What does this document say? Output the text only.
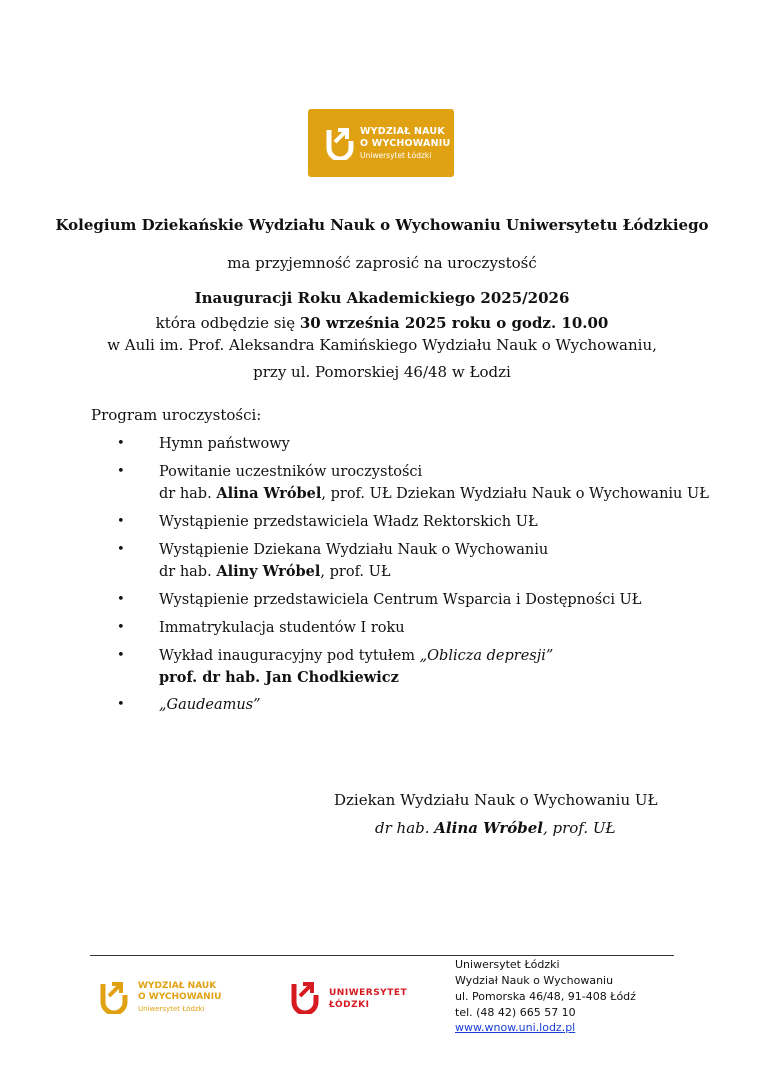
WYDZIAŁ NAUK
O WYCHOWANIU
Uniwersytet Łódzki
Kolegium Dziekańskie Wydziału Nauk o Wychowaniu Uniwersytetu Łódzkiego
ma przyjemność zaprosić na uroczystość
Inauguracji Roku Akademickiego 2025/2026
która odbędzie się 30 września 2025 roku o godz. 10.00
w Auli im. Prof. Aleksandra Kamińskiego Wydziału Nauk o Wychowaniu,
przy ul. Pomorskiej 46/48 w Łodzi
Program uroczystości:
• Hymn państwowy
• Powitanie uczestników uroczystości
dr hab. Alina Wróbel, prof. UŁ Dziekan Wydziału Nauk o Wychowaniu UŁ
• Wystąpienie przedstawiciela Władz Rektorskich UŁ
• Wystąpienie Dziekana Wydziału Nauk o Wychowaniu
dr hab. Aliny Wróbel, prof. UŁ
• Wystąpienie przedstawiciela Centrum Wsparcia i Dostępności UŁ
• Immatrykulacja studentów I roku
• Wykład inauguracyjny pod tytułem „Oblicza depresji”
prof. dr hab. Jan Chodkiewicz
• „Gaudeamus”
Dziekan Wydziału Nauk o Wychowaniu UŁ
dr hab. Alina Wróbel, prof. UŁ
WYDZIAŁ NAUK
O WYCHOWANIU
Uniwersytet Łódzki
UNIWERSYTET
ŁÓDZKI
Uniwersytet Łódzki
Wydział Nauk o Wychowaniu
ul. Pomorska 46/48, 91-408 Łódź
tel. (48 42) 665 57 10
www.wnow.uni.lodz.pl
